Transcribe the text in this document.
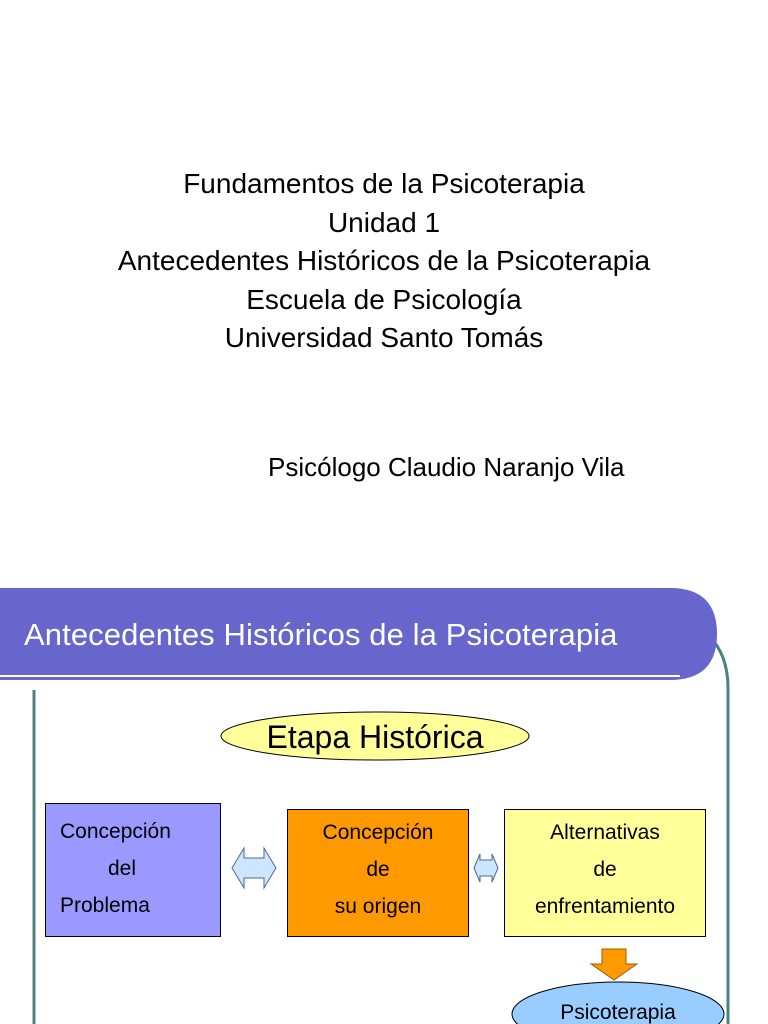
Fundamentos de la Psicoterapia
Unidad 1
Antecedentes Históricos de la Psicoterapia
Escuela de Psicología
Universidad Santo Tomás
Psicólogo Claudio Naranjo Vila
Antecedentes Históricos de la Psicoterapia
Etapa Histórica
Concepción
del
Problema
Concepción
de
su origen
Alternativas
de
enfrentamiento
Psicoterapia
